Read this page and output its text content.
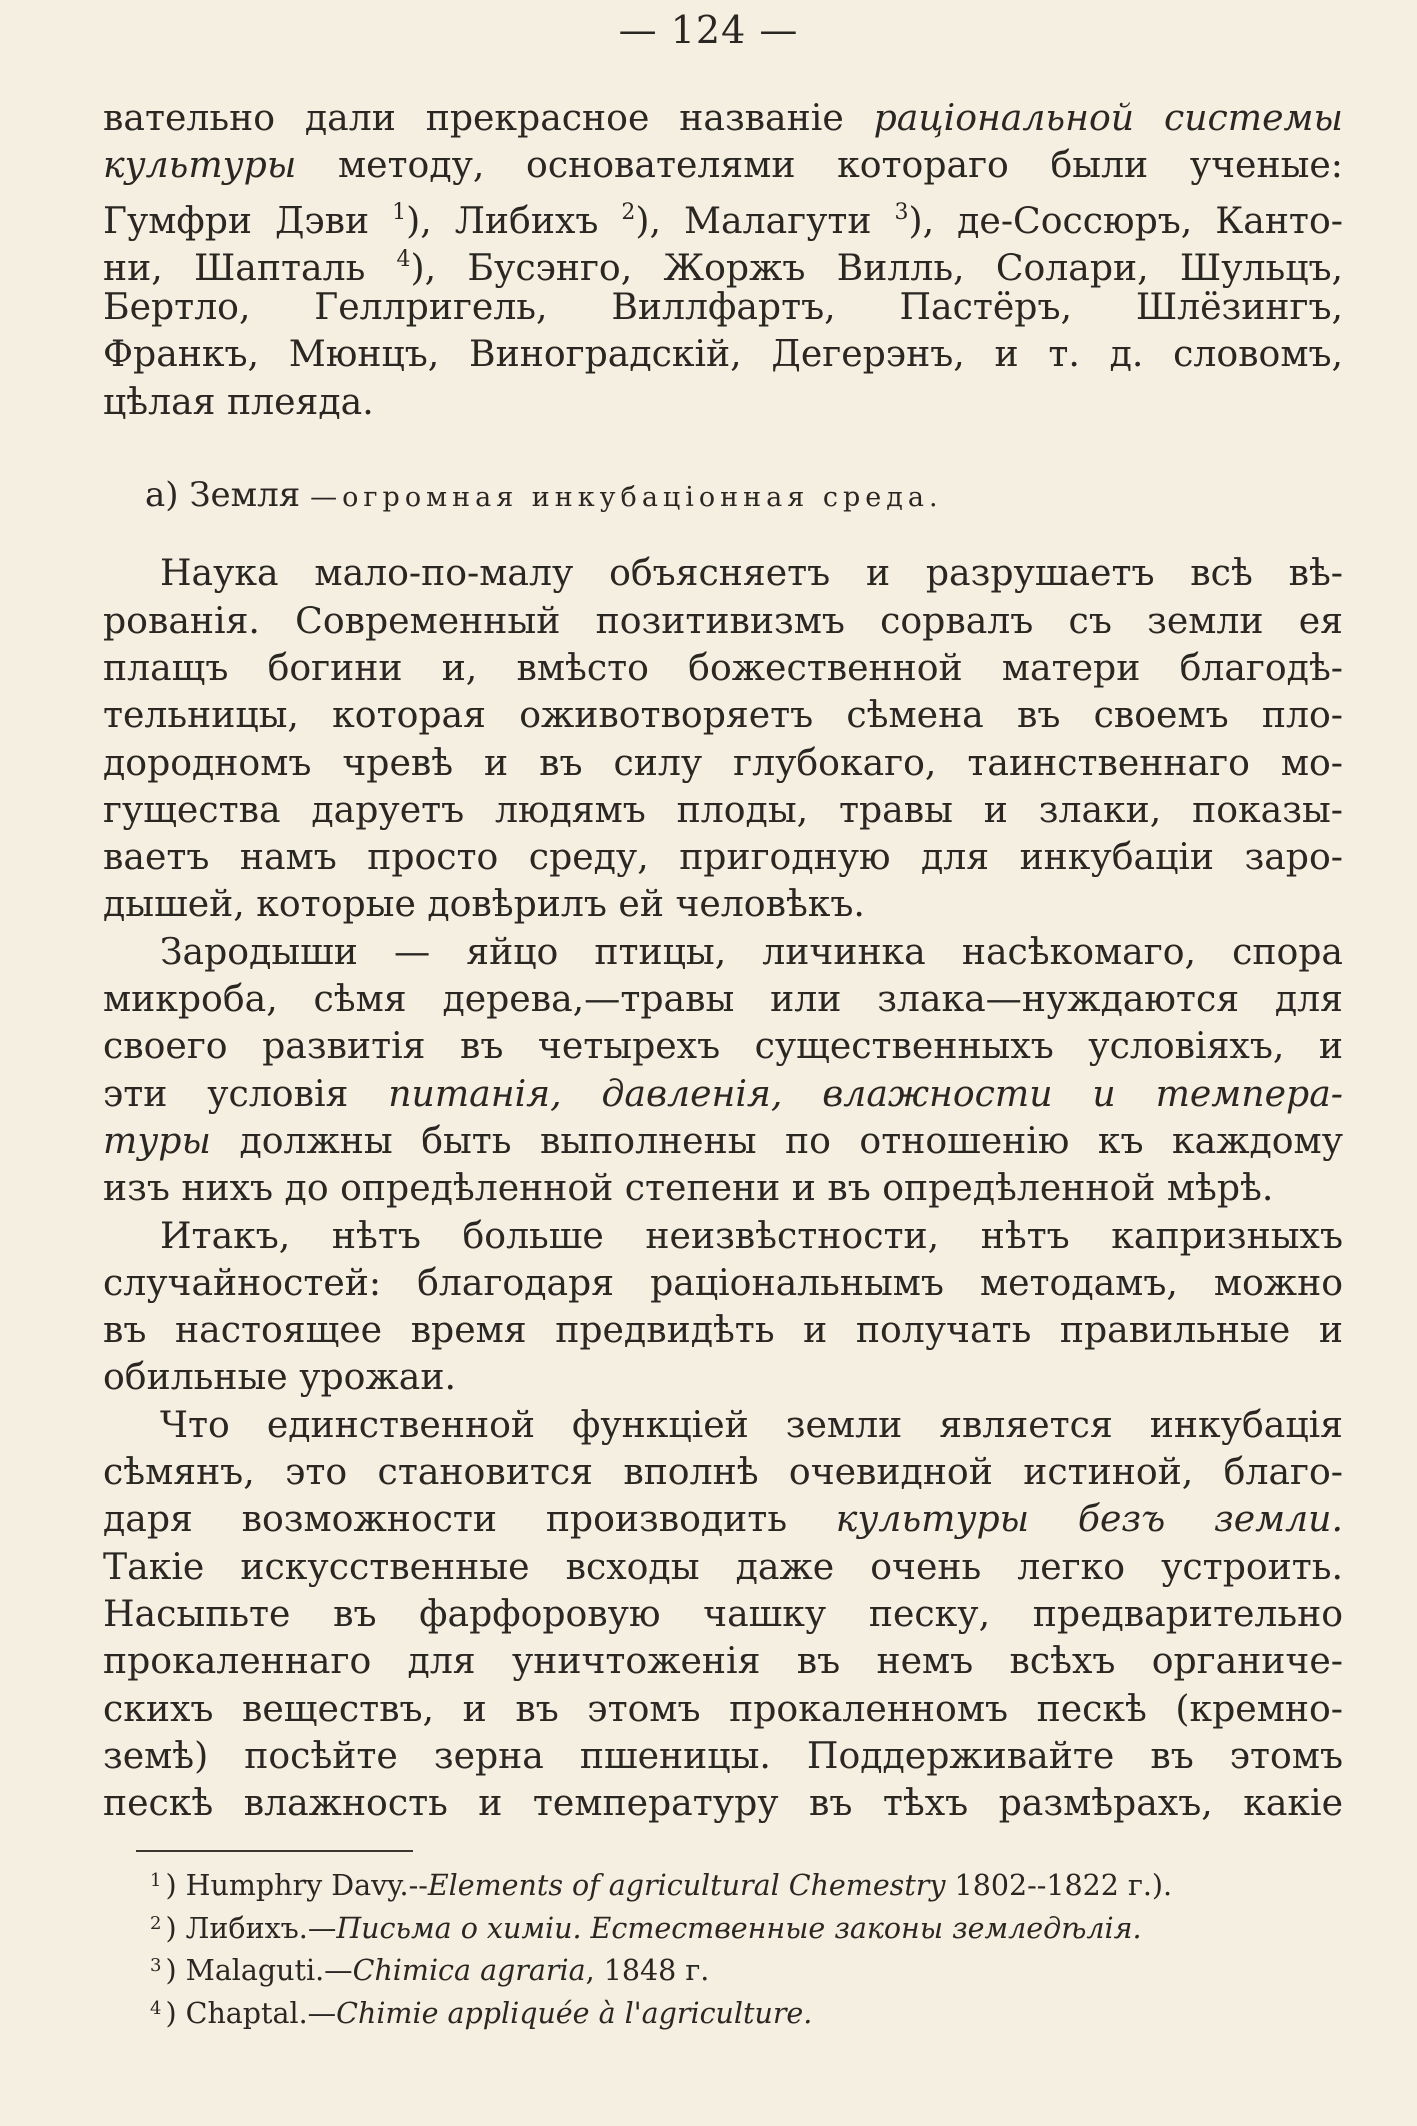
— 124 —
вательно дали прекрасное названіе раціональной системы
культуры методу, основателями котораго были ученые:
Гумфри Дэви $^1$), Либихъ $^2$), Малагути $^3$), де-Соссюръ, Канто-
ни, Шапталь $^4$), Бусэнго, Жоржъ Вилль, Солари, Шульцъ,
Бертло, Геллригель, Виллфартъ, Пастёръ, Шлёзингъ,
Франкъ, Мюнцъ, Виноградскій, Дегерэнъ, и т. д. словомъ,
цѣлая плеяда.
a) Земля —огромная инкубаціонная среда.
Наука мало-по-малу объясняетъ и разрушаетъ всѣ вѣ-
рованія. Современный позитивизмъ сорвалъ съ земли ея
плащъ богини и, вмѣсто божественной матери благодѣ-
тельницы, которая оживотворяетъ сѣмена въ своемъ пло-
дородномъ чревѣ и въ силу глубокаго, таинственнаго мо-
гущества даруетъ людямъ плоды, травы и злаки, показы-
ваетъ намъ просто среду, пригодную для инкубаціи заро-
дышей, которые довѣрилъ ей человѣкъ.
Зародыши — яйцо птицы, личинка насѣкомаго, спора
микроба, сѣмя дерева,—травы или злака—нуждаются для
своего развитія въ четырехъ существенныхъ условіяхъ, и
эти условія питанія, давленія, влажности и темпера-
туры должны быть выполнены по отношенію къ каждому
изъ нихъ до опредѣленной степени и въ опредѣленной мѣрѣ.
Итакъ, нѣтъ больше неизвѣстности, нѣтъ капризныхъ
случайностей: благодаря раціональнымъ методамъ, можно
въ настоящее время предвидѣть и получать правильные и
обильные урожаи.
Что единственной функціей земли является инкубація
сѣмянъ, это становится вполнѣ очевидной истиной, благо-
даря возможности производить культуры безъ земли.
Такіе искусственные всходы даже очень легко устроить.
Насыпьте въ фарфоровую чашку песку, предварительно
прокаленнаго для уничтоженія въ немъ всѣхъ органиче-
скихъ веществъ, и въ этомъ прокаленномъ пескѣ (кремно-
земѣ) посѣйте зерна пшеницы. Поддерживайте въ этомъ
пескѣ влажность и температуру въ тѣхъ размѣрахъ, какіе
$^1$ ) Humphry Davy.--Elements of agricultural Chemestry 1802--1822 г.).
$^2$ ) Либихъ.—Письма о химіи. Естественные законы земледѣлія.
$^3$ ) Malaguti.—Chimica agraria, 1848 г.
$^4$ ) Chaptal.—Chimie appliquée à l'agriculture.
